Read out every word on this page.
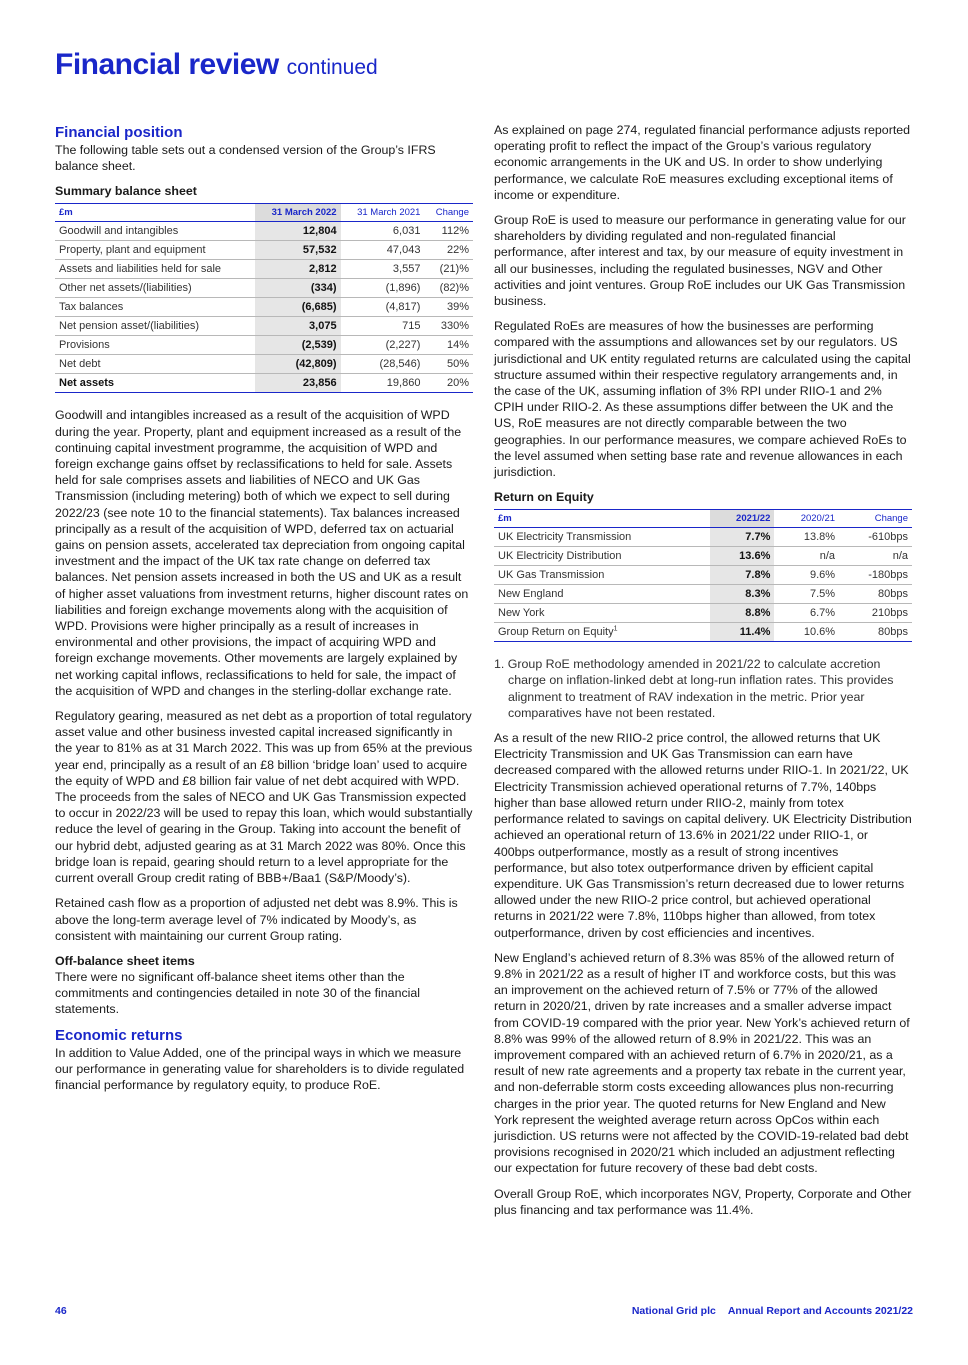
Financial review continued
Financial position

The following table sets out a condensed version of the Group’s IFRS balance sheet.

Summary balance sheet
£m	31 March 2022	31 March 2021	Change
Goodwill and intangibles	12,804	6,031	112%
Property, plant and equipment	57,532	47,043	22%
Assets and liabilities held for sale	2,812	3,557	(21)%
Other net assets/(liabilities)	(334)	(1,896)	(82)%
Tax balances	(6,685)	(4,817)	39%
Net pension asset/(liabilities)	3,075	715	330%
Provisions	(2,539)	(2,227)	14%
Net debt	(42,809)	(28,546)	50%
Net assets	23,856	19,860	20%

Goodwill and intangibles increased as a result of the acquisition of WPD during the year. Property, plant and equipment increased as a result of the continuing capital investment programme, the acquisition of WPD and foreign exchange gains offset by reclassifications to held for sale. Assets held for sale comprises assets and liabilities of NECO and UK Gas Transmission (including metering) both of which we expect to sell during 2022/23 (see note 10 to the financial statements). Tax balances increased principally as a result of the acquisition of WPD, deferred tax on actuarial gains on pension assets, accelerated tax depreciation from ongoing capital investment and the impact of the UK tax rate change on deferred tax balances. Net pension assets increased in both the US and UK as a result of higher asset valuations from investment returns, higher discount rates on liabilities and foreign exchange movements along with the acquisition of WPD. Provisions were higher principally as a result of increases in environmental and other provisions, the impact of acquiring WPD and foreign exchange movements. Other movements are largely explained by net working capital inflows, reclassifications to held for sale, the impact of the acquisition of WPD and changes in the sterling-dollar exchange rate.

Regulatory gearing, measured as net debt as a proportion of total regulatory asset value and other business invested capital increased significantly in the year to 81% as at 31 March 2022. This was up from 65% at the previous year end, principally as a result of an £8 billion ‘bridge loan’ used to acquire the equity of WPD and £8 billion fair value of net debt acquired with WPD. The proceeds from the sales of NECO and UK Gas Transmission expected to occur in 2022/23 will be used to repay this loan, which would substantially reduce the level of gearing in the Group. Taking into account the benefit of our hybrid debt, adjusted gearing as at 31 March 2022 was 80%. Once this bridge loan is repaid, gearing should return to a level appropriate for the current overall Group credit rating of BBB+/Baa1 (S&P/Moody’s).

Retained cash flow as a proportion of adjusted net debt was 8.9%. This is above the long-term average level of 7% indicated by Moody’s, as consistent with maintaining our current Group rating.

Off-balance sheet items

There were no significant off-balance sheet items other than the commitments and contingencies detailed in note 30 of the financial statements.

Economic returns

In addition to Value Added, one of the principal ways in which we measure our performance in generating value for shareholders is to divide regulated financial performance by regulatory equity, to produce RoE.

As explained on page 274, regulated financial performance adjusts reported operating profit to reflect the impact of the Group’s various regulatory economic arrangements in the UK and US. In order to show underlying performance, we calculate RoE measures excluding exceptional items of income or expenditure.

Group RoE is used to measure our performance in generating value for our shareholders by dividing regulated and non-regulated financial performance, after interest and tax, by our measure of equity investment in all our businesses, including the regulated businesses, NGV and Other activities and joint ventures. Group RoE includes our UK Gas Transmission business.

Regulated RoEs are measures of how the businesses are performing compared with the assumptions and allowances set by our regulators. US jurisdictional and UK entity regulated returns are calculated using the capital structure assumed within their respective regulatory arrangements and, in the case of the UK, assuming inflation of 3% RPI under RIIO-1 and 2% CPIH under RIIO-2. As these assumptions differ between the UK and the US, RoE measures are not directly comparable between the two geographies. In our performance measures, we compare achieved RoEs to the level assumed when setting base rate and revenue allowances in each jurisdiction.

Return on Equity
£m	2021/22	2020/21	Change
UK Electricity Transmission	7.7%	13.8%	-610bps
UK Electricity Distribution	13.6%	n/a	n/a
UK Gas Transmission	7.8%	9.6%	-180bps
New England	8.3%	7.5%	80bps
New York	8.8%	6.7%	210bps
Group Return on Equity$^1$	11.4%	10.6%	80bps

1. Group RoE methodology amended in 2021/22 to calculate accretion charge on inflation-linked debt at long-run inflation rates. This provides alignment to treatment of RAV indexation in the metric. Prior year comparatives have not been restated.

As a result of the new RIIO-2 price control, the allowed returns that UK Electricity Transmission and UK Gas Transmission can earn have decreased compared with the allowed returns under RIIO-1. In 2021/22, UK Electricity Transmission achieved operational returns of 7.7%, 140bps higher than base allowed return under RIIO-2, mainly from totex performance related to savings on capital delivery. UK Electricity Distribution achieved an operational return of 13.6% in 2021/22 under RIIO-1, or 400bps outperformance, mostly as a result of strong incentives performance, but also totex outperformance driven by efficient capital expenditure. UK Gas Transmission’s return decreased due to lower returns allowed under the new RIIO-2 price control, but achieved operational returns in 2021/22 were 7.8%, 110bps higher than allowed, from totex outperformance, driven by cost efficiencies and incentives.

New England’s achieved return of 8.3% was 85% of the allowed return of 9.8% in 2021/22 as a result of higher IT and workforce costs, but this was an improvement on the achieved return of 7.5% or 77% of the allowed return in 2020/21, driven by rate increases and a smaller adverse impact from COVID-19 compared with the prior year. New York’s achieved return of 8.8% was 99% of the allowed return of 8.9% in 2021/22. This was an improvement compared with an achieved return of 6.7% in 2020/21, as a result of new rate agreements and a property tax rebate in the current year, and non-deferrable storm costs exceeding allowances plus non-recurring charges in the prior year. The quoted returns for New England and New York represent the weighted average return across OpCos within each jurisdiction. US returns were not affected by the COVID-19-related bad debt provisions recognised in 2020/21 which included an adjustment reflecting our expectation for future recovery of these bad debt costs.

Overall Group RoE, which incorporates NGV, Property, Corporate and Other plus financing and tax performance was 11.4%.

46	National Grid plc Annual Report and Accounts 2021/22
